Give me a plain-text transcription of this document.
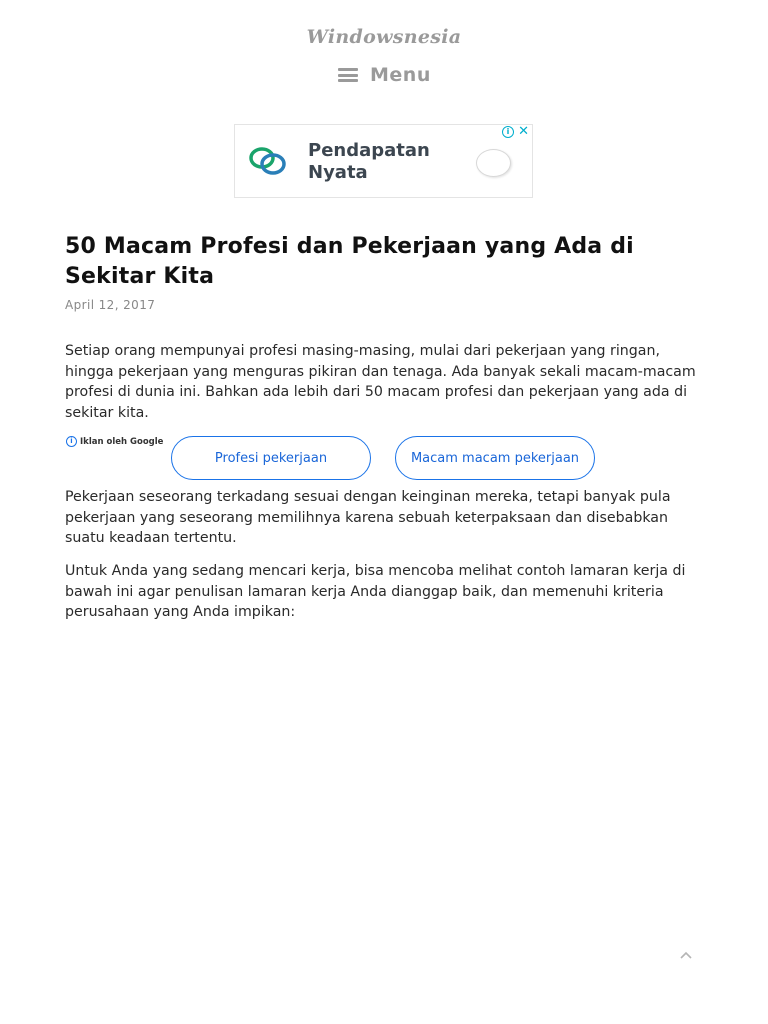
Windowsnesia
Menu
Pendapatan Nyata
i ✕
50 Macam Profesi dan Pekerjaan yang Ada di Sekitar Kita
April 12, 2017

Setiap orang mempunyai profesi masing-masing, mulai dari pekerjaan yang ringan, hingga pekerjaan yang menguras pikiran dan tenaga. Ada banyak sekali macam-macam profesi di dunia ini. Bahkan ada lebih dari 50 macam profesi dan pekerjaan yang ada di sekitar kita.

i Iklan oleh Google
Profesi pekerjaan	Macam macam pekerjaan

Pekerjaan seseorang terkadang sesuai dengan keinginan mereka, tetapi banyak pula pekerjaan yang seseorang memilihnya karena sebuah keterpaksaan dan disebabkan suatu keadaan tertentu.

Untuk Anda yang sedang mencari kerja, bisa mencoba melihat contoh lamaran kerja di bawah ini agar penulisan lamaran kerja Anda dianggap baik, dan memenuhi kriteria perusahaan yang Anda impikan:
